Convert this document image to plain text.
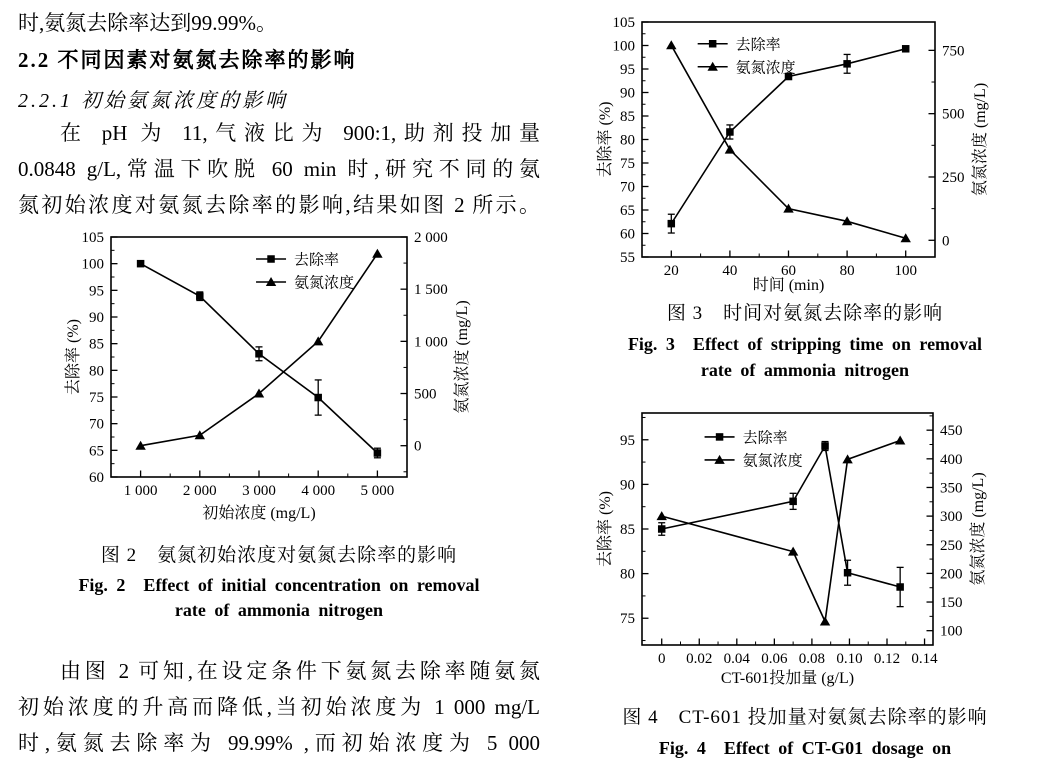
时,氨氮去除率达到99.99%。
2.2 不同因素对氨氮去除率的影响
2.2.1 初始氨氮浓度的影响
在 pH 为 11,气液比为 900:1,助剂投加量
0.0848 g/L,常温下吹脱 60 min 时,研究不同的氨
氮初始浓度对氨氮去除率的影响,结果如图 2 所示。
1 000 2 000 3 000 4 000 5 000
初始浓度 (mg/L)
60
65
70
75
80
85
90
95
100
105
去除率 (%)
0
500
1 000
1 500
2 000
氨氮浓度 (mg/L)
去除率
氨氮浓度
图 2　氨氮初始浓度对氨氮去除率的影响
Fig. 2　Effect of initial concentration on removal
rate of ammonia nitrogen
由图 2 可知,在设定条件下氨氮去除率随氨氮
初始浓度的升高而降低,当初始浓度为 1 000 mg/L
时,氨氮去除率为 99.99% ,而初始浓度为 5 000
20	40	60	80	100
时间 (min)
55
60
65
70
75
80
85
90
95
100
105
去除率 (%)
0
250
500
750
氨氮浓度 (mg/L)
去除率
氨氮浓度
图 3　时间对氨氮去除率的影响
Fig. 3　Effect of stripping time on removal
rate of ammonia nitrogen
0 0.02 0.04 0.06 0.08 0.10 0.12 0.14
CT-601投加量 (g/L)
75
80
85
90
95
去除率 (%)
100
150
200
250
300
350
400
450
氨氮浓度 (mg/L)
去除率
氨氮浓度
图 4　CT-601 投加量对氨氮去除率的影响
Fig. 4　Effect of CT-G01 dosage on
